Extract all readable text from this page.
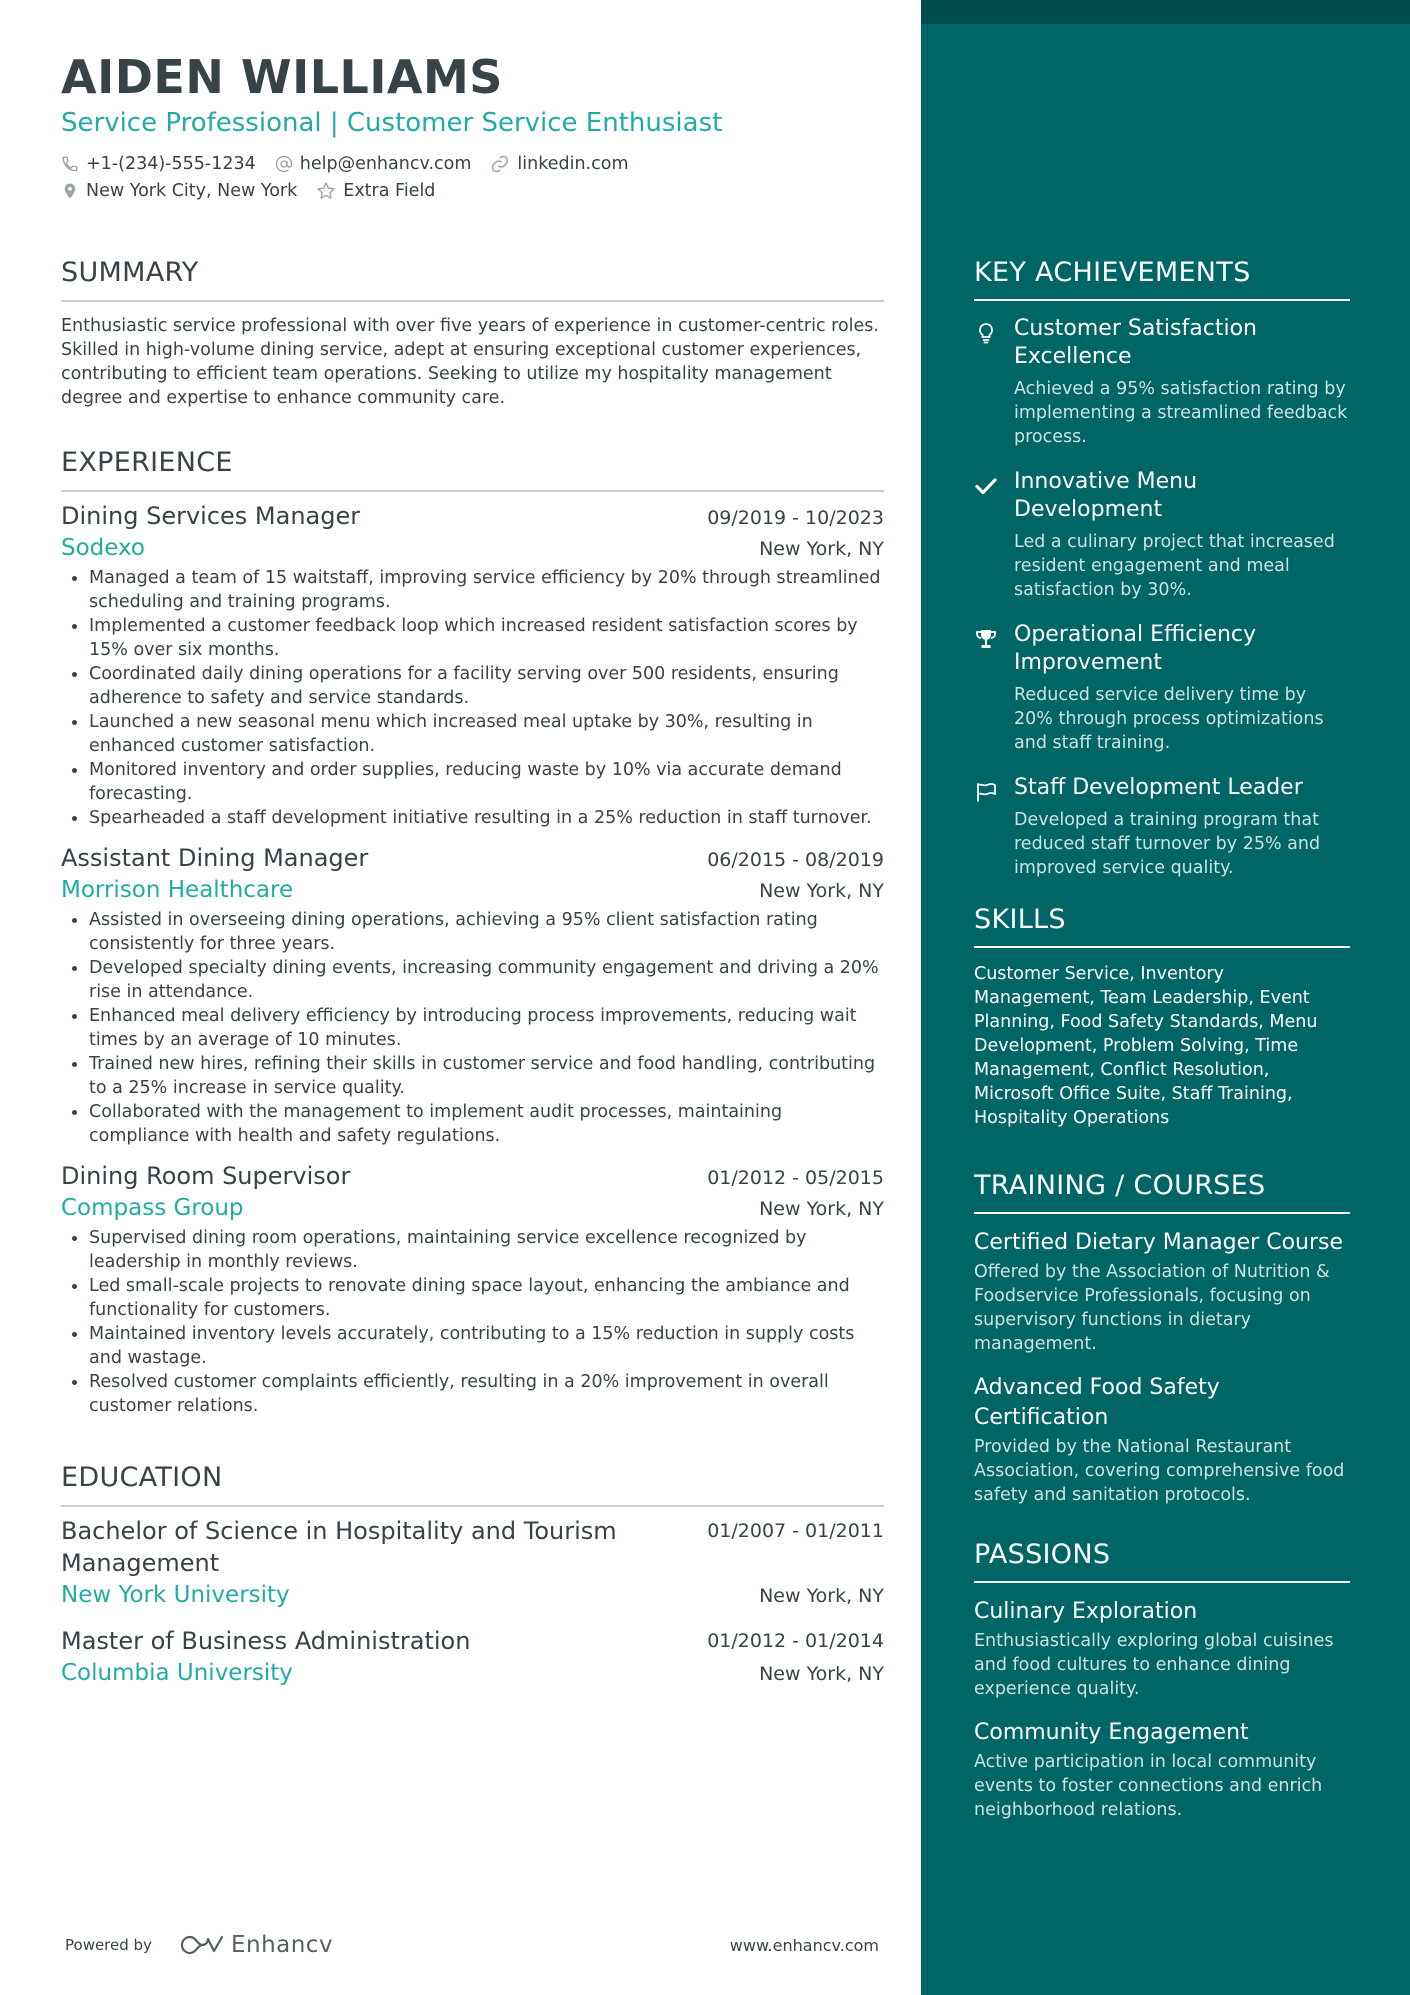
AIDEN WILLIAMS
Service Professional | Customer Service Enthusiast
+1-(234)-555-1234	help@enhancv.com	linkedin.com
New York City, New York	Extra Field
SUMMARY

Enthusiastic service professional with over five years of experience in customer-centric roles. Skilled in high-volume dining service, adept at ensuring exceptional customer experiences, contributing to efficient team operations. Seeking to utilize my hospitality management degree and expertise to enhance community care.

EXPERIENCE
Dining Services Manager	09/2019 - 10/2023
Sodexo	New York, NY
Managed a team of 15 waitstaff, improving service efficiency by 20% through streamlined scheduling and training programs.
Implemented a customer feedback loop which increased resident satisfaction scores by 15% over six months.
Coordinated daily dining operations for a facility serving over 500 residents, ensuring adherence to safety and service standards.
Launched a new seasonal menu which increased meal uptake by 30%, resulting in enhanced customer satisfaction.
Monitored inventory and order supplies, reducing waste by 10% via accurate demand forecasting.
Spearheaded a staff development initiative resulting in a 25% reduction in staff turnover.
Assistant Dining Manager	06/2015 - 08/2019
Morrison Healthcare	New York, NY
Assisted in overseeing dining operations, achieving a 95% client satisfaction rating consistently for three years.
Developed specialty dining events, increasing community engagement and driving a 20% rise in attendance.
Enhanced meal delivery efficiency by introducing process improvements, reducing wait times by an average of 10 minutes.
Trained new hires, refining their skills in customer service and food handling, contributing to a 25% increase in service quality.
Collaborated with the management to implement audit processes, maintaining compliance with health and safety regulations.
Dining Room Supervisor	01/2012 - 05/2015
Compass Group	New York, NY
Supervised dining room operations, maintaining service excellence recognized by leadership in monthly reviews.
Led small-scale projects to renovate dining space layout, enhancing the ambiance and functionality for customers.
Maintained inventory levels accurately, contributing to a 15% reduction in supply costs and wastage.
Resolved customer complaints efficiently, resulting in a 20% improvement in overall customer relations.
EDUCATION
Bachelor of Science in Hospitality and Tourism Management
01/2007 - 01/2011
New York University	New York, NY
Master of Business Administration	01/2012 - 01/2014
Columbia University	New York, NY
Powered by	Enhancv	www.enhancv.com
KEY ACHIEVEMENTS
Customer Satisfaction Excellence
Achieved a 95% satisfaction rating by implementing a streamlined feedback process.
Innovative Menu Development
Led a culinary project that increased resident engagement and meal satisfaction by 30%.
Operational Efficiency Improvement
Reduced service delivery time by 20% through process optimizations and staff training.
Staff Development Leader
Developed a training program that reduced staff turnover by 25% and improved service quality.
SKILLS
Customer Service, Inventory Management, Team Leadership, Event Planning, Food Safety Standards, Menu Development, Problem Solving, Time Management, Conflict Resolution, Microsoft Office Suite, Staff Training, Hospitality Operations
TRAINING / COURSES
Certified Dietary Manager Course
Offered by the Association of Nutrition & Foodservice Professionals, focusing on supervisory functions in dietary management.
Advanced Food Safety Certification
Provided by the National Restaurant Association, covering comprehensive food safety and sanitation protocols.
PASSIONS
Culinary Exploration
Enthusiastically exploring global cuisines and food cultures to enhance dining experience quality.
Community Engagement
Active participation in local community events to foster connections and enrich neighborhood relations.
